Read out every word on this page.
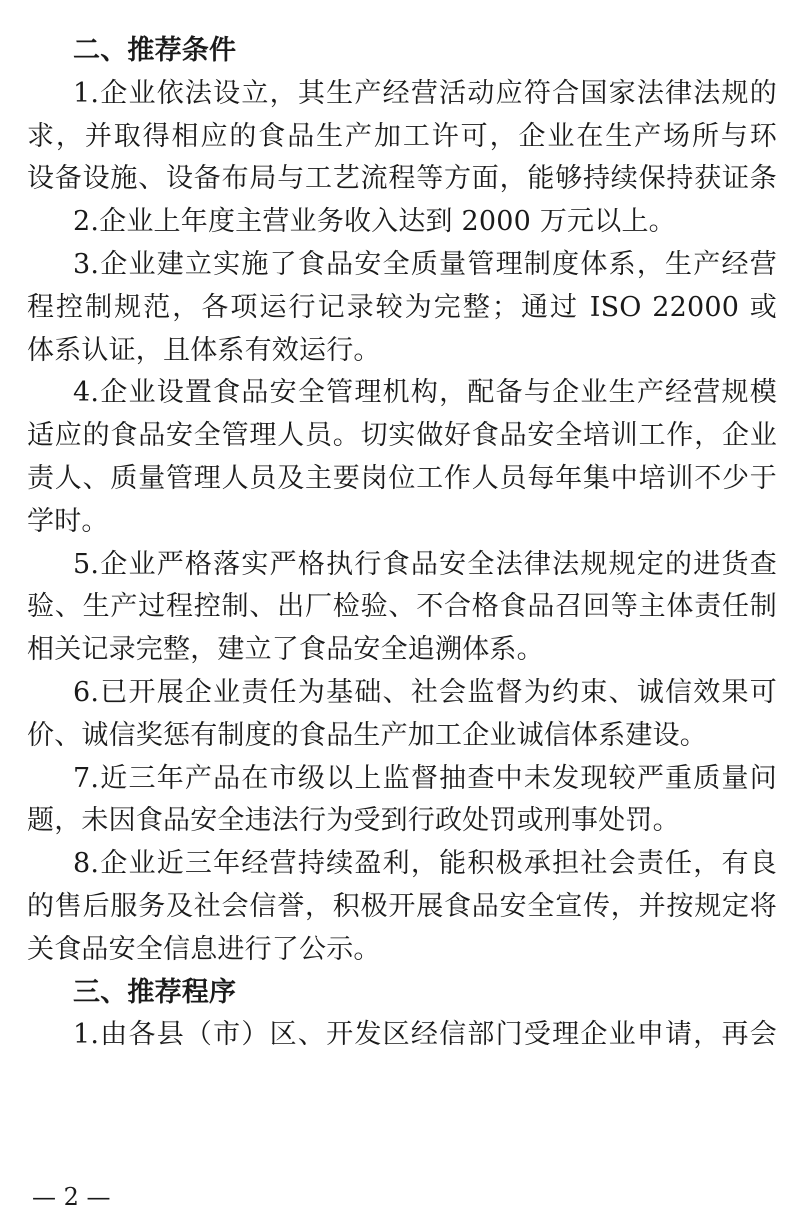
二、推荐条件
1.企业依法设立，其生产经营活动应符合国家法律法规的
求，并取得相应的食品生产加工许可，企业在生产场所与环
设备设施、设备布局与工艺流程等方面，能够持续保持获证条
2.企业上年度主营业务收入达到 2000 万元以上。
3.企业建立实施了食品安全质量管理制度体系，生产经营
程控制规范，各项运行记录较为完整；通过 ISO 22000 或
体系认证，且体系有效运行。
4.企业设置食品安全管理机构，配备与企业生产经营规模
适应的食品安全管理人员。切实做好食品安全培训工作，企业
责人、质量管理人员及主要岗位工作人员每年集中培训不少于
学时。
5.企业严格落实严格执行食品安全法律法规规定的进货查
验、生产过程控制、出厂检验、不合格食品召回等主体责任制
相关记录完整，建立了食品安全追溯体系。
6.已开展企业责任为基础、社会监督为约束、诚信效果可
价、诚信奖惩有制度的食品生产加工企业诚信体系建设。
7.近三年产品在市级以上监督抽查中未发现较严重质量问
题，未因食品安全违法行为受到行政处罚或刑事处罚。
8.企业近三年经营持续盈利，能积极承担社会责任，有良
的售后服务及社会信誉，积极开展食品安全宣传，并按规定将
关食品安全信息进行了公示。
三、推荐程序
1.由各县（市）区、开发区经信部门受理企业申请，再会
— 2 —
